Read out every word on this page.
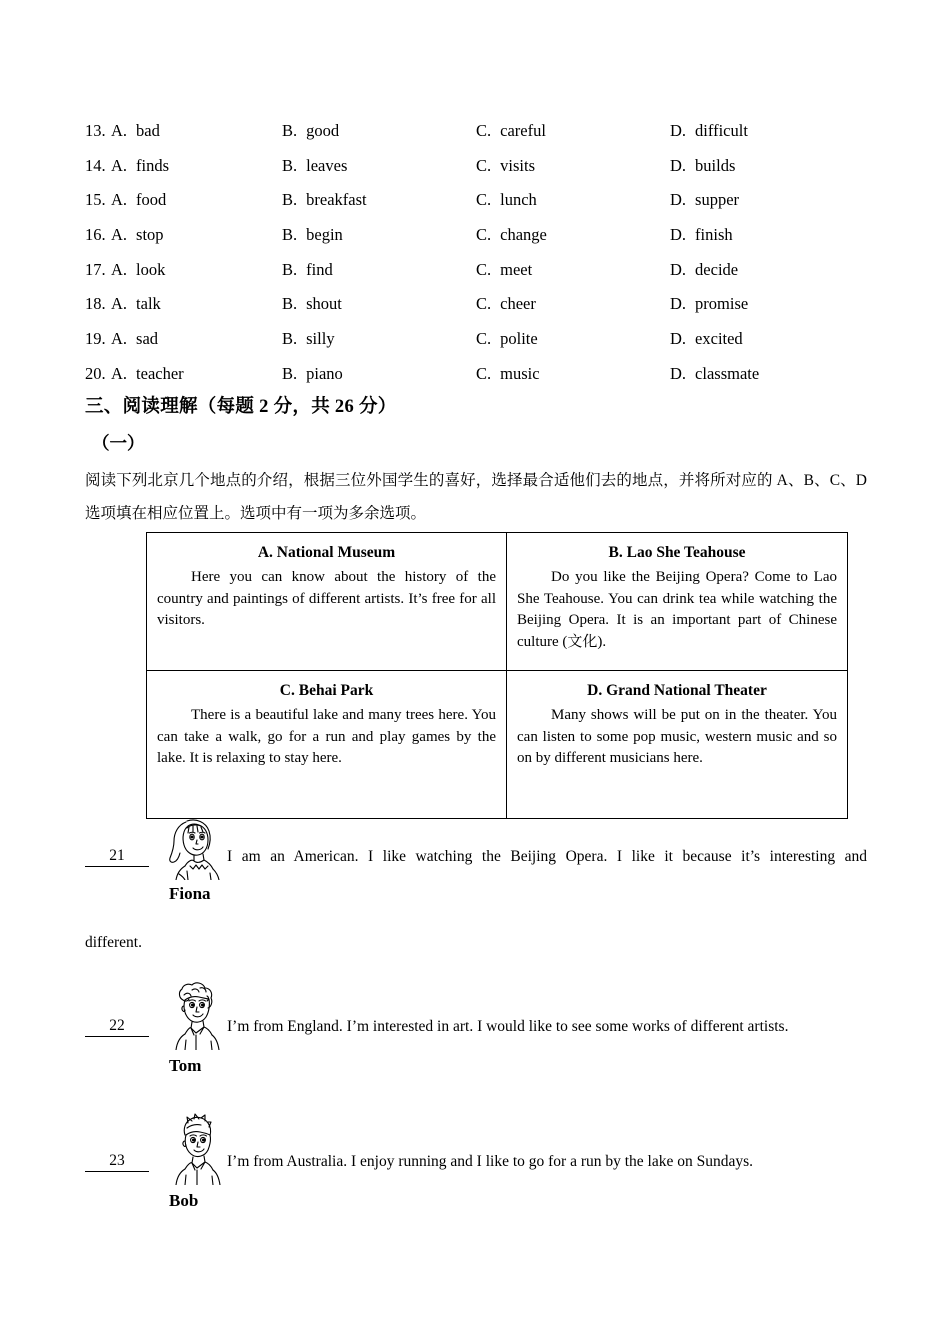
13. A. bad	B. good	C. careful	D. difficult
14. A. finds	B. leaves	C. visits	D. builds
15. A. food	B. breakfast	C. lunch	D. supper
16. A. stop	B. begin	C. change	D. finish
17. A. look	B. find	C. meet	D. decide
18. A. talk	B. shout	C. cheer	D. promise
19. A. sad	B. silly	C. polite	D. excited
20. A. teacher	B. piano	C. music	D. classmate
三、阅读理解（每题 2 分，共 26 分）
（一）
阅读下列北京几个地点的介绍，根据三位外国学生的喜好，选择最合适他们去的地点，并将所对应的 A、B、C、D 选项填在相应位置上。选项中有一项为多余选项。
A. National Museum
Here you can know about the history of the country and paintings of different artists. It’s free for all visitors.

B. Lao She Teahouse
Do you like the Beijing Opera? Come to Lao She Teahouse. You can drink tea while watching the Beijing Opera. It is an important part of Chinese culture (文化).

C. Behai Park
There is a beautiful lake and many trees here. You can take a walk, go for a run and play games by the lake. It is relaxing to stay here.

D. Grand National Theater
Many shows will be put on in the theater. You can listen to some pop music, western music and so on by different musicians here.
21	I am an American. I like watching the Beijing Opera. I like it because it’s interesting and
Fiona
different.
22	I’m from England. I’m interested in art. I would like to see some works of different artists.
Tom
23	I’m from Australia. I enjoy running and I like to go for a run by the lake on Sundays.
Bob
